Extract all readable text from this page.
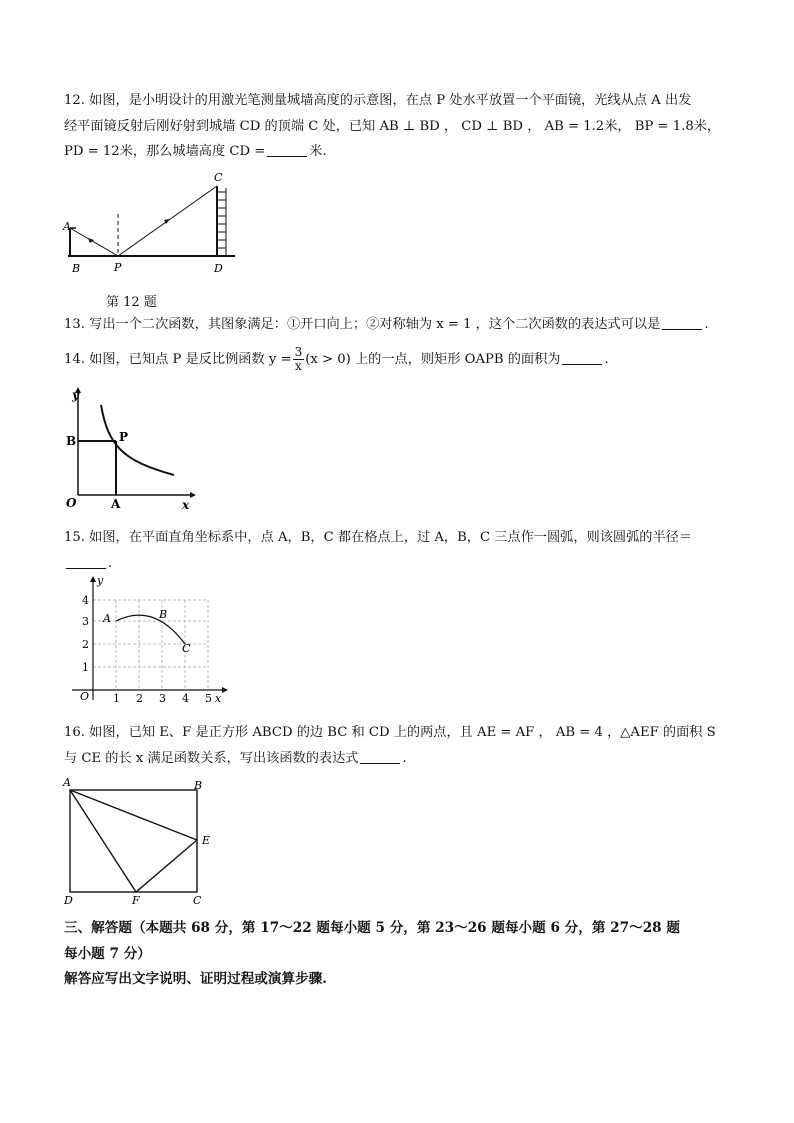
12. 如图，是小明设计的用激光笔测量城墙高度的示意图，在点 P 处水平放置一个平面镜，光线从点 A 出发
经平面镜反射后刚好射到城墙 CD 的顶端 C 处，已知 AB ⊥ BD ， CD ⊥ BD ， AB = 1.2米， BP = 1.8米，
PD = 12米，那么城墙高度 CD =	米.
A
B	P
C
D
第 12 题
13. 写出一个二次函数，其图象满足：①开口向上；②对称轴为 x = 1 ，这个二次函数的表达式可以是	.
14. 如图，已知点 P 是反比例函数 $y = \frac{3}{x} (x > 0)$ 上的一点，则矩形 OAPB 的面积为	.
y
x
O	A
B	P
15. 如图，在平面直角坐标系中，点 A，B，C 都在格点上，过 A，B，C 三点作一圆弧，则该圆弧的半径＝
.
y
x
O
A	B
C
1
2
3
4
1 2 3 4 5
16. 如图，已知 E、F 是正方形 ABCD 的边 BC 和 CD 上的两点，且 AE = AF ， AB = 4 ，△AEF 的面积 S
与 CE 的长 x 满足函数关系，写出该函数的表达式	.
A	B
D	C
E
F
三、解答题（本题共 68 分，第 17～22 题每小题 5 分，第 23～26 题每小题 6 分，第 27～28 题
每小题 7 分）
解答应写出文字说明、证明过程或演算步骤.
